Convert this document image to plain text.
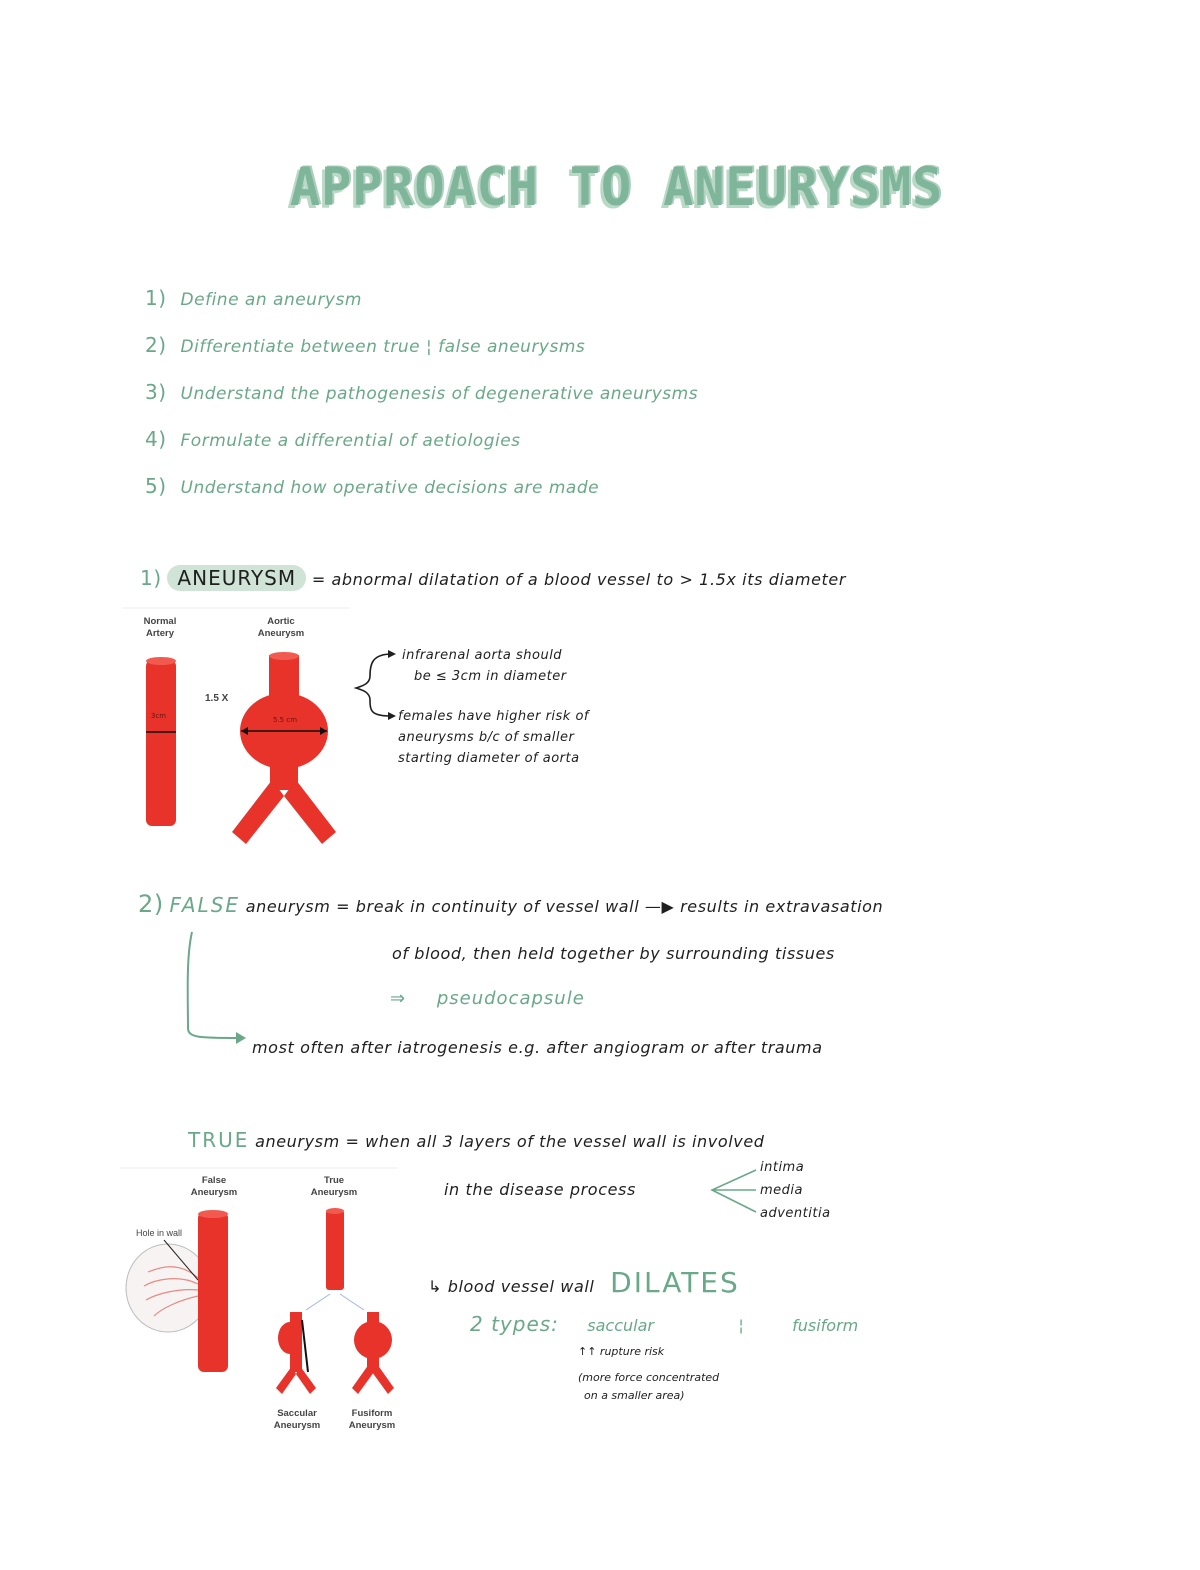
APPROACH TO ANEURYSMS
1) Define an aneurysm
2) Differentiate between true ¦ false aneurysms
3) Understand the pathogenesis of degenerative aneurysms
4) Formulate a differential of aetiologies
5) Understand how operative decisions are made
1) ANEURYSM = abnormal dilatation of a blood vessel to > 1.5x its diameter
Normal
Artery
Aortic
Aneurysm
1.5 X
3cm	5.5 cm
infrarenal aorta should
be ≤ 3cm in diameter
females have higher risk of
aneurysms b/c of smaller
starting diameter of aorta
2) FALSE aneurysm = break in continuity of vessel wall —▶ results in extravasation
of blood, then held together by surrounding tissues
⇒ pseudocapsule
most often after iatrogenesis e.g. after angiogram or after trauma
TRUE aneurysm = when all 3 layers of the vessel wall is involved
in the disease process
intima
media
adventitia
↳ blood vessel wall DILATES
2 types: saccular	¦	fusiform
↑↑ rupture risk
(more force concentrated
on a smaller area)
False
Aneurysm
True
Aneurysm
Hole in wall
Saccular
Aneurysm
Fusiform
Aneurysm
